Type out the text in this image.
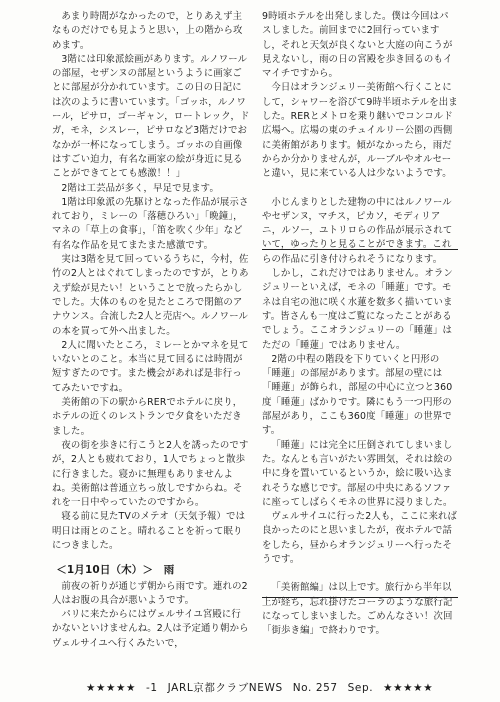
あまり時間がなかったので，とりあえず主なものだけでも見ようと思い，上の階から攻めます。

3階には印象派絵画があります。ルノワールの部屋，セザンヌの部屋というように画家ごとに部屋が分かれています。この日の日記には次のように書いています。「ゴッホ，ルノワール，ピサロ，ゴーギャン，ロートレック，ドガ，モネ，シスレー，ピサロなど3階だけでおなかが一杯になってしまう。ゴッホの自画像はすごい迫力，有名な画家の絵が身近に見ることができてとても感激！！」

2階は工芸品が多く，早足で見ます。

1階は印象派の先駆けとなった作品が展示されており，ミレーの「落穂ひろい」「晩鐘」，マネの「草上の食事」，「笛を吹く少年」など有名な作品を見てまたまた感激です。

実は3階を見て回っているうちに，今村，佐竹の2人とはぐれてしまったのですが，とりあえず絵が見たい！ということで放ったらかしでした。大体のものを見たところで閉館のアナウンス。合流した2人と売店へ。ルノワールの本を買って外へ出ました。

2人に聞いたところ，ミレーとかマネを見ていないとのこと。本当に見て回るには時間が短すぎたのです。また機会があれば是非行ってみたいですね。

美術館の下の駅からRERでホテルに戻り，ホテルの近くのレストランで夕食をいただきました。

夜の街を歩きに行こうと2人を誘ったのですが，2人とも疲れており，1人でちょっと散歩に行きました。寝かに無理もありませんよね。美術館は普通立ちっ放しですからね。それを一日中やっていたのですから。

寝る前に見たTVのメテオ（天気予報）では明日は雨とのこと。晴れることを祈って眠りにつきました。

＜1月10日（木）＞　雨

前夜の祈りが通じず朝から雨です。連れの2人はお腹の具合が悪いようです。

パリに来たからにはヴェルサイユ宮殿に行かないといけませんね。2人は予定通り朝からヴェルサイユへ行くみたいで，

9時頃ホテルを出発しました。僕は今回はパスしました。前回までに2回行っていますし，それと天気が良くないと大庭の向こうが見えないし，雨の日の宮殿を歩き回るのもイマイチですから。

今日はオランジェリー美術館へ行くことにして，シャワーを浴びて9時半頃ホテルを出ました。RERとメトロを乗り継いでコンコルド広場へ。広場の東のチュイルリー公園の西側に美術館があります。傾がなかったら，雨だからか分かりませんが，ルーブルやオルセーと違い，見に来ている人は少ないようです。

小じんまりとした建物の中にはルノワールやセザンヌ，マチス，ピカソ，モディリアニ，ルソー，ユトリロらの作品が展示されていて，ゆったりと見ることができます。これらの作品に引き付けられそうになります。

しかし，これだけではありません。オランジュリーといえば，モネの「睡蓮」です。モネは自宅の池に咲く水蓮を数多く描いています。皆さんも一度はご覧になったことがあるでしょう。ここオランジュリーの「睡蓮」はただの「睡蓮」ではありません。

2階の中程の階段を下りていくと円形の「睡蓮」の部屋があります。部屋の壁には「睡蓮」が飾られ，部屋の中心に立つと360度「睡蓮」ばかりです。隣にもう一つ円形の部屋があり，ここも360度「睡蓮」の世界です。

「睡蓮」には完全に圧倒されてしまいました。なんとも言いがたい雰囲気，それは絵の中に身を置いているというか，絵に吸い込まれそうな感じです。部屋の中央にあるソファに座ってしばらくモネの世界に浸りました。

ヴェルサイユに行った2人も，ここに来れば良かったのにと思いましたが，夜ホテルで話をしたら，昼からオランジュリーへ行ったそうです。

「美術館編」は以上です。旅行から半年以上が経ち，忘れ掛けたコーラのような旅行記になってしまいました。ごめんなさい！次回「街歩き編」で終わりです。

★★★★★ -1 JARL京都クラブNEWS No. 257 Sep. ★★★★★
